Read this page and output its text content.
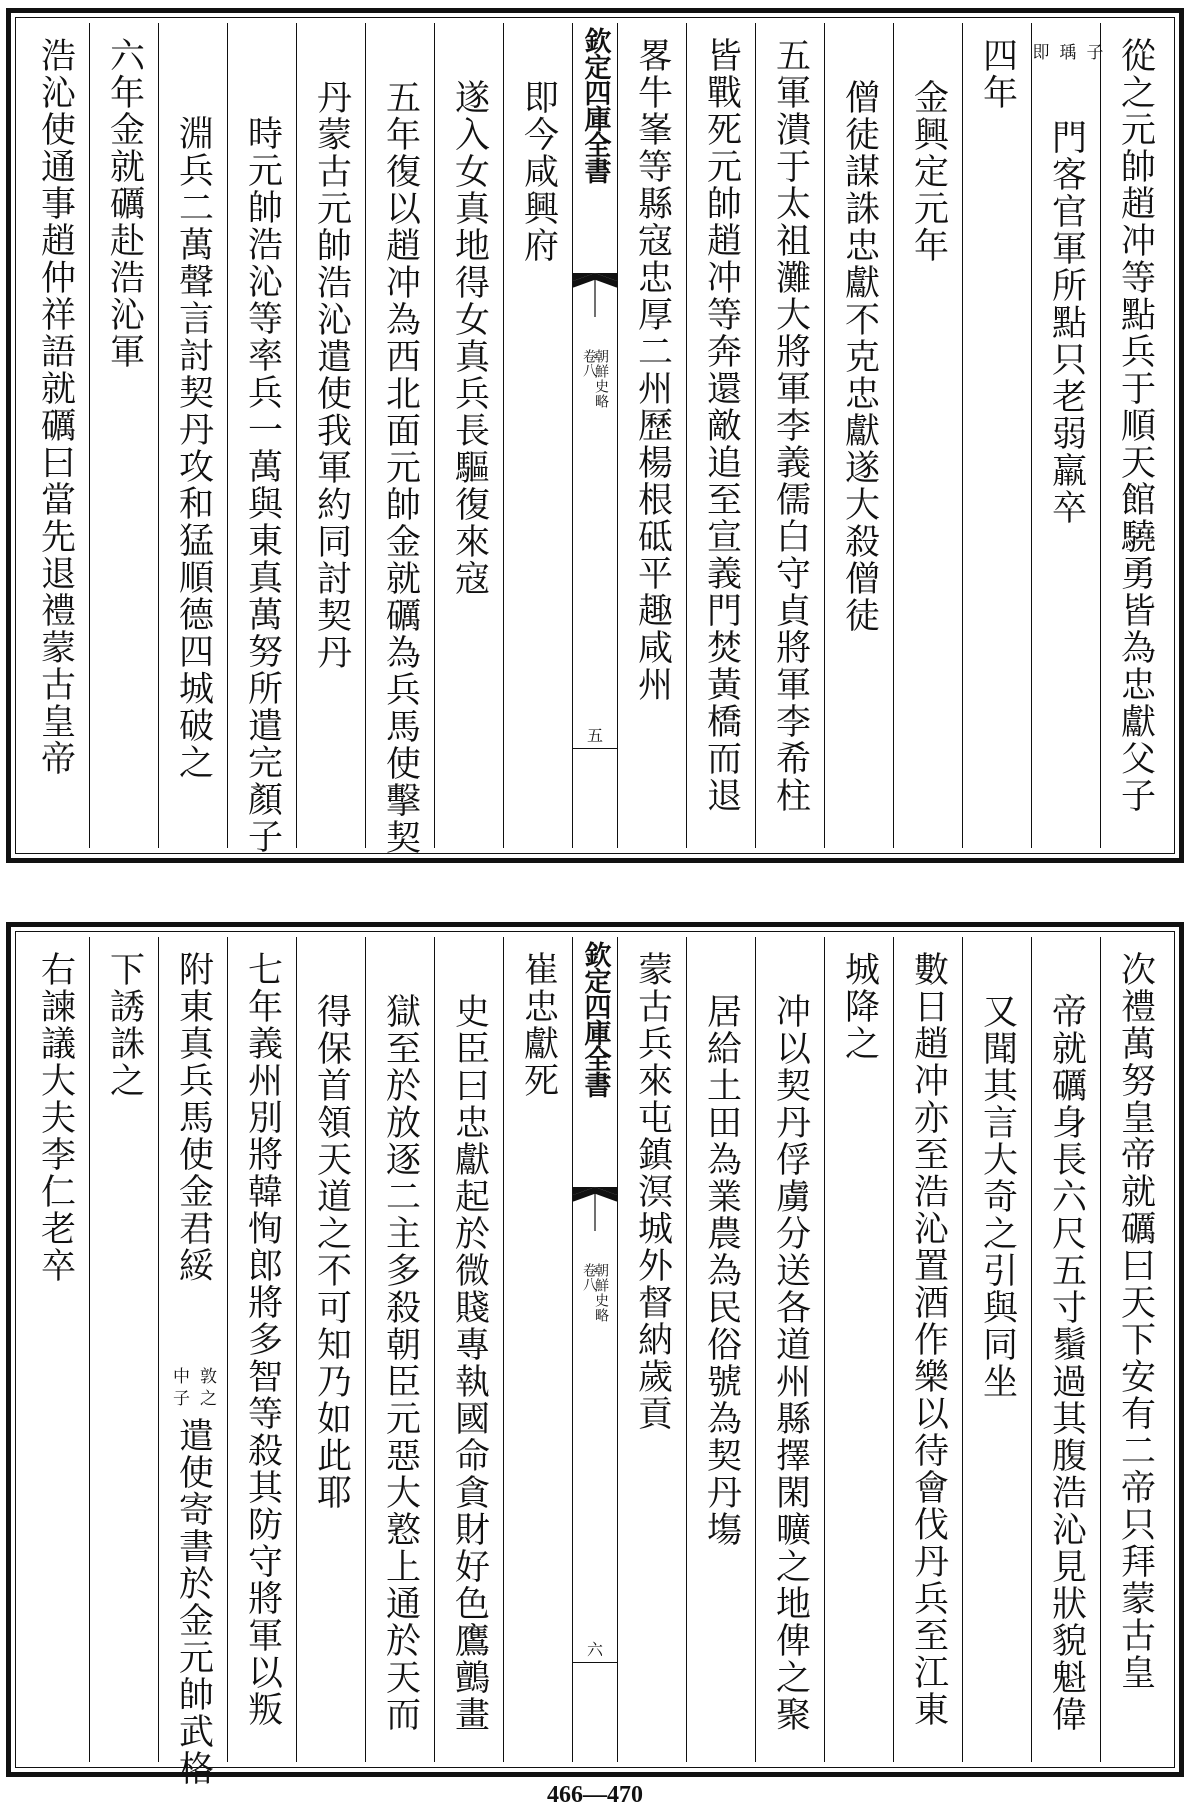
浩沁使通事趙仲祥語就礪曰當先退禮蒙古皇帝 六年金就礪赴浩沁軍 淵兵二萬聲言討契丹攻和猛順德四城破之 時元帥浩沁等率兵一萬與東真萬努所遣完顏子 丹蒙古元帥浩沁遣使我軍約同討契丹 五年復以趙冲為西北面元帥金就礪為兵馬使擊契 遂入女真地得女真兵長驅復來寇 即今咸興府 欽定四庫全書
朝鮮史略
卷八
五
畧牛峯等縣寇忠厚二州歷楊根砥平趣咸州 皆戰死元帥趙冲等奔還敵追至宣義門焚黃橋而退 五軍潰于太祖灘大將軍李義儒白守貞將軍李希柱 僧徒謀誅忠獻不克忠獻遂大殺僧徒 金興定元年
四年 即 瑀 子
門客官軍所點只老弱羸卒 從之元帥趙冲等點兵于順天館驍勇皆為忠獻父子
右諫議大夫李仁老卒 下誘誅之 附東真兵馬使金君綏
中 敦
子 之
遣使寄書於金元帥武格 七年義州別將韓恂郎將多智等殺其防守將軍以叛 得保首領天道之不可知乃如此耶 獄至於放逐二主多殺朝臣元惡大憝上通於天而 史臣曰忠獻起於微賤專執國命貪財好色鷹鸇畫 崔忠獻死 欽定四庫全書
朝鮮史略
卷八
六
蒙古兵來屯鎮溟城外督納歲貢 居給土田為業農為民俗號為契丹塲 冲以契丹俘虜分送各道州縣擇閑曠之地俾之聚 城降之 數日趙冲亦至浩沁置酒作樂以待會伐丹兵至江東 又聞其言大奇之引與同坐 帝就礪身長六尺五寸鬚過其腹浩沁見狀貌魁偉 次禮萬努皇帝就礪曰天下安有二帝只拜蒙古皇
466—470
